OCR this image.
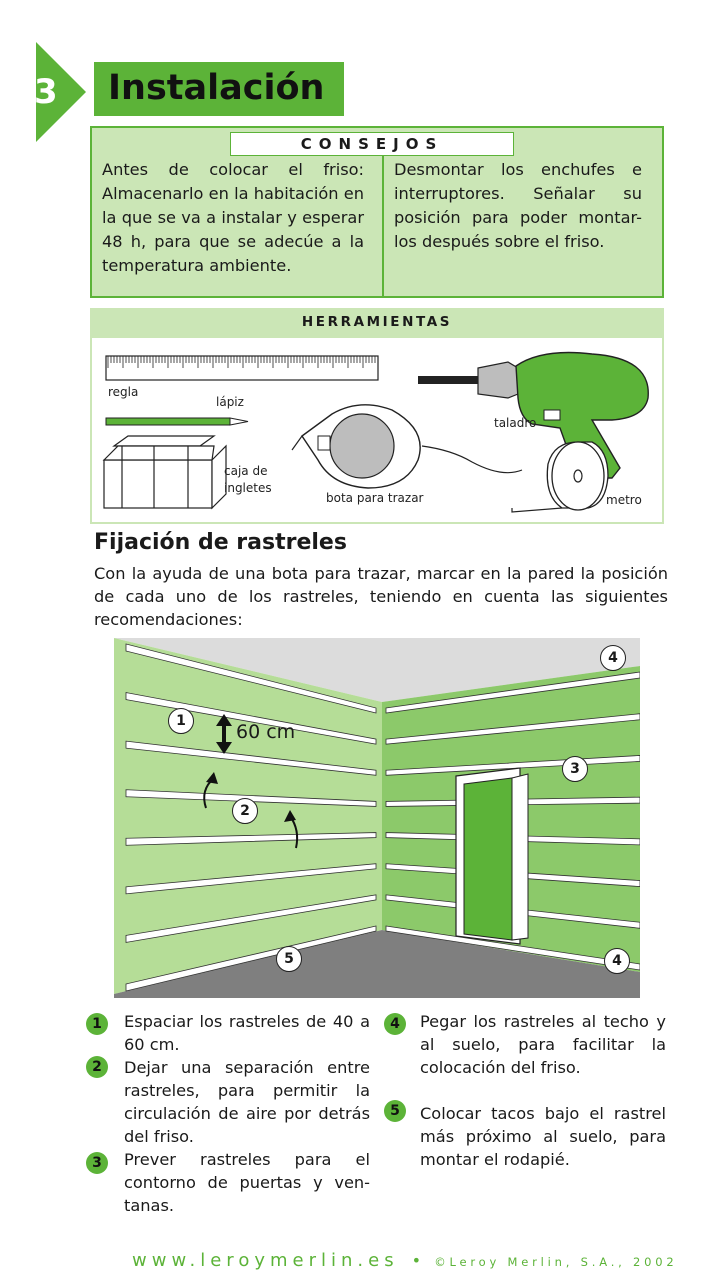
3 Instalación
CONSEJOS
Antes de colocar el friso: Almacenarlo en la habitación en la que se va a instalar y esperar 48 h, para que se adecúe a la temperatura ambiente.
Desmontar los enchufes e interruptores. Señalar su posición para poder montar-los después sobre el friso.
HERRAMIENTAS
regla
lápiz
taladro
caja de
ingletes
bota para trazar	metro
Fijación de rastreles
Con la ayuda de una bota para trazar, marcar en la pared la posición de cada uno de los rastreles, teniendo en cuenta las siguientes recomendaciones:
1
2
3
4
4
5
60 cm
1	Espaciar los rastreles de 40 a 60 cm.
2	Dejar una separación entre rastreles, para permitir la circulación de aire por detrás del friso.
3	Prever rastreles para el contorno de puertas y ven-tanas.
4	Pegar los rastreles al techo y al suelo, para facilitar la colocación del friso.
5	Colocar tacos bajo el rastrel más próximo al suelo, para montar el rodapié.
www.leroymerlin.es • ©Leroy Merlin, S.A., 2002
